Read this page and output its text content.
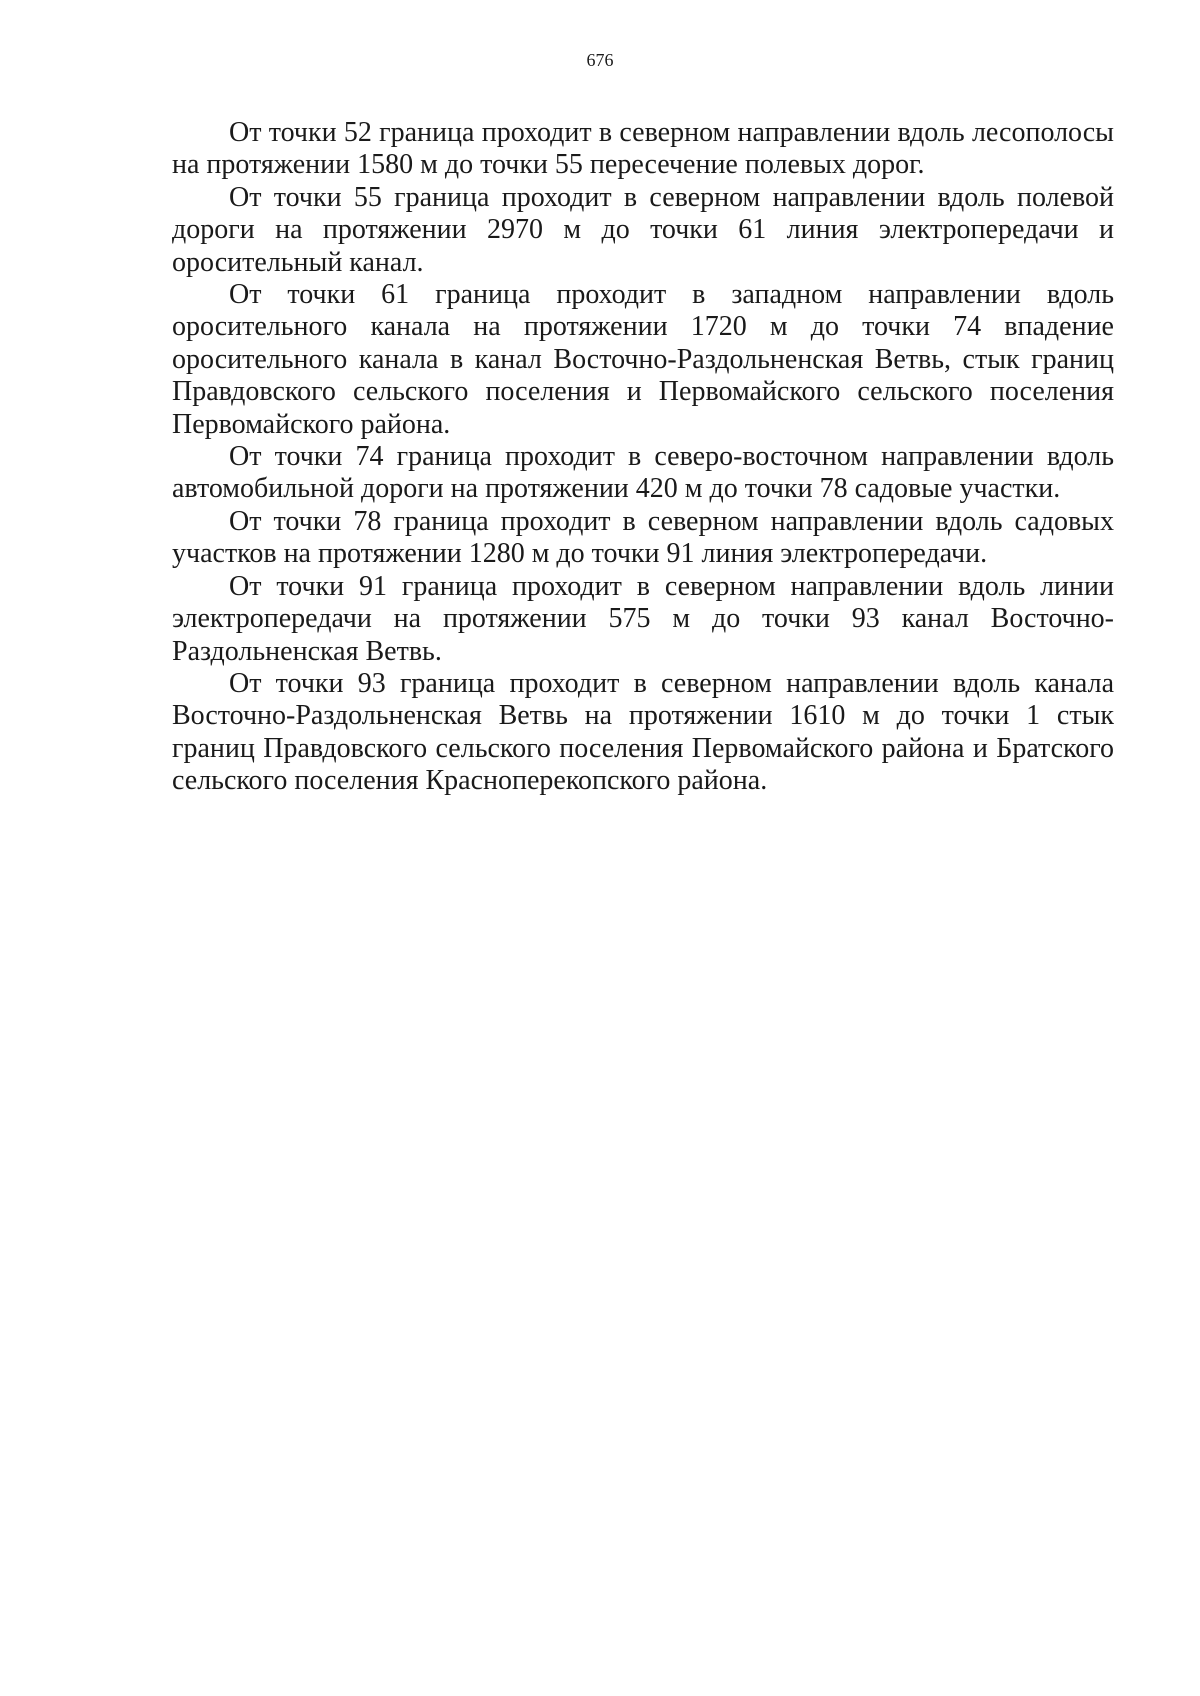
676

От точки 52 граница проходит в северном направлении вдоль лесополосы на протяжении 1580 м до точки 55 пересечение полевых дорог.

От точки 55 граница проходит в северном направлении вдоль полевой дороги на протяжении 2970 м до точки 61 линия электропередачи и оросительный канал.

От точки 61 граница проходит в западном направлении вдоль оросительного канала на протяжении 1720 м до точки 74 впадение оросительного канала в канал Восточно-Раздольненская Ветвь, стык границ Правдовского сельского поселения и Первомайского сельского поселения Первомайского района.

От точки 74 граница проходит в северо-восточном направлении вдоль автомобильной дороги на протяжении 420 м до точки 78 садовые участки.

От точки 78 граница проходит в северном направлении вдоль садовых участков на протяжении 1280 м до точки 91 линия электропередачи.

От точки 91 граница проходит в северном направлении вдоль линии электропередачи на протяжении 575 м до точки 93 канал Восточно-Раздольненская Ветвь.

От точки 93 граница проходит в северном направлении вдоль канала Восточно-Раздольненская Ветвь на протяжении 1610 м до точки 1 стык границ Правдовского сельского поселения Первомайского района и Братского сельского поселения Красноперекопского района.
